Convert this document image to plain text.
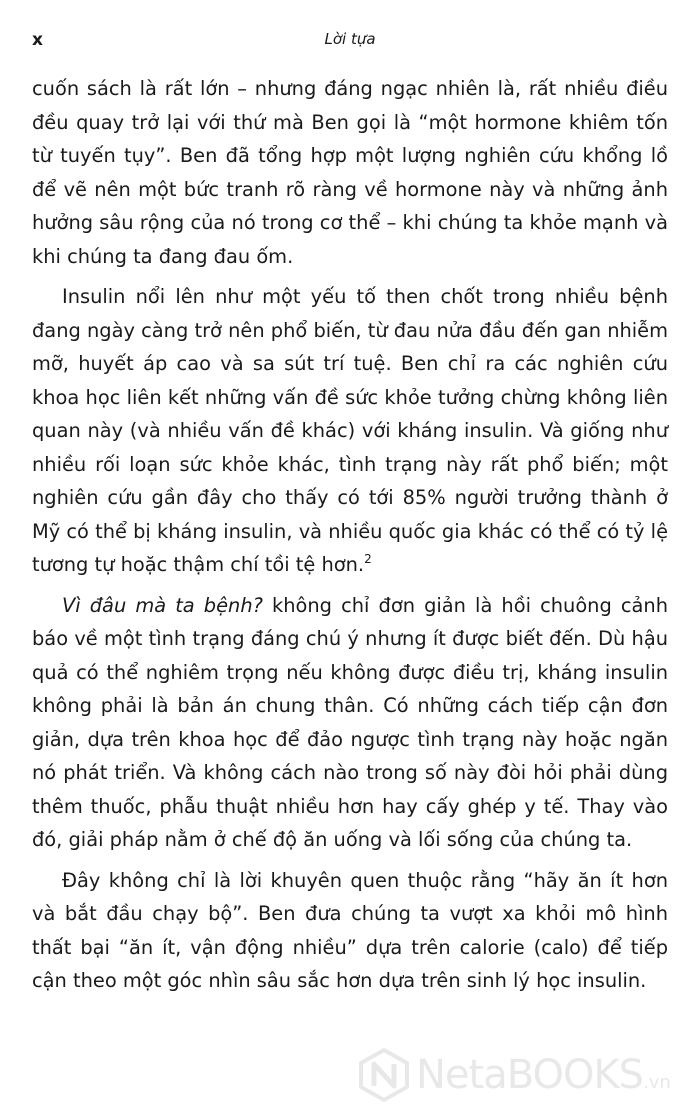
x	Lời tựa

cuốn sách là rất lớn – nhưng đáng ngạc nhiên là, rất nhiều điều đều quay trở lại với thứ mà Ben gọi là “một hormone khiêm tốn từ tuyến tụy”. Ben đã tổng hợp một lượng nghiên cứu khổng lồ để vẽ nên một bức tranh rõ ràng về hormone này và những ảnh hưởng sâu rộng của nó trong cơ thể – khi chúng ta khỏe mạnh và khi chúng ta đang đau ốm.

Insulin nổi lên như một yếu tố then chốt trong nhiều bệnh đang ngày càng trở nên phổ biến, từ đau nửa đầu đến gan nhiễm mỡ, huyết áp cao và sa sút trí tuệ. Ben chỉ ra các nghiên cứu khoa học liên kết những vấn đề sức khỏe tưởng chừng không liên quan này (và nhiều vấn đề khác) với kháng insulin. Và giống như nhiều rối loạn sức khỏe khác, tình trạng này rất phổ biến; một nghiên cứu gần đây cho thấy có tới 85% người trưởng thành ở Mỹ có thể bị kháng insulin, và nhiều quốc gia khác có thể có tỷ lệ tương tự hoặc thậm chí tồi tệ hơn.$^2$

Vì đâu mà ta bệnh? không chỉ đơn giản là hồi chuông cảnh báo về một tình trạng đáng chú ý nhưng ít được biết đến. Dù hậu quả có thể nghiêm trọng nếu không được điều trị, kháng insulin không phải là bản án chung thân. Có những cách tiếp cận đơn giản, dựa trên khoa học để đảo ngược tình trạng này hoặc ngăn nó phát triển. Và không cách nào trong số này đòi hỏi phải dùng thêm thuốc, phẫu thuật nhiều hơn hay cấy ghép y tế. Thay vào đó, giải pháp nằm ở chế độ ăn uống và lối sống của chúng ta.

Đây không chỉ là lời khuyên quen thuộc rằng “hãy ăn ít hơn và bắt đầu chạy bộ”. Ben đưa chúng ta vượt xa khỏi mô hình thất bại “ăn ít, vận động nhiều” dựa trên calorie (calo) để tiếp cận theo một góc nhìn sâu sắc hơn dựa trên sinh lý học insulin.

NetaBOOKS.vn
